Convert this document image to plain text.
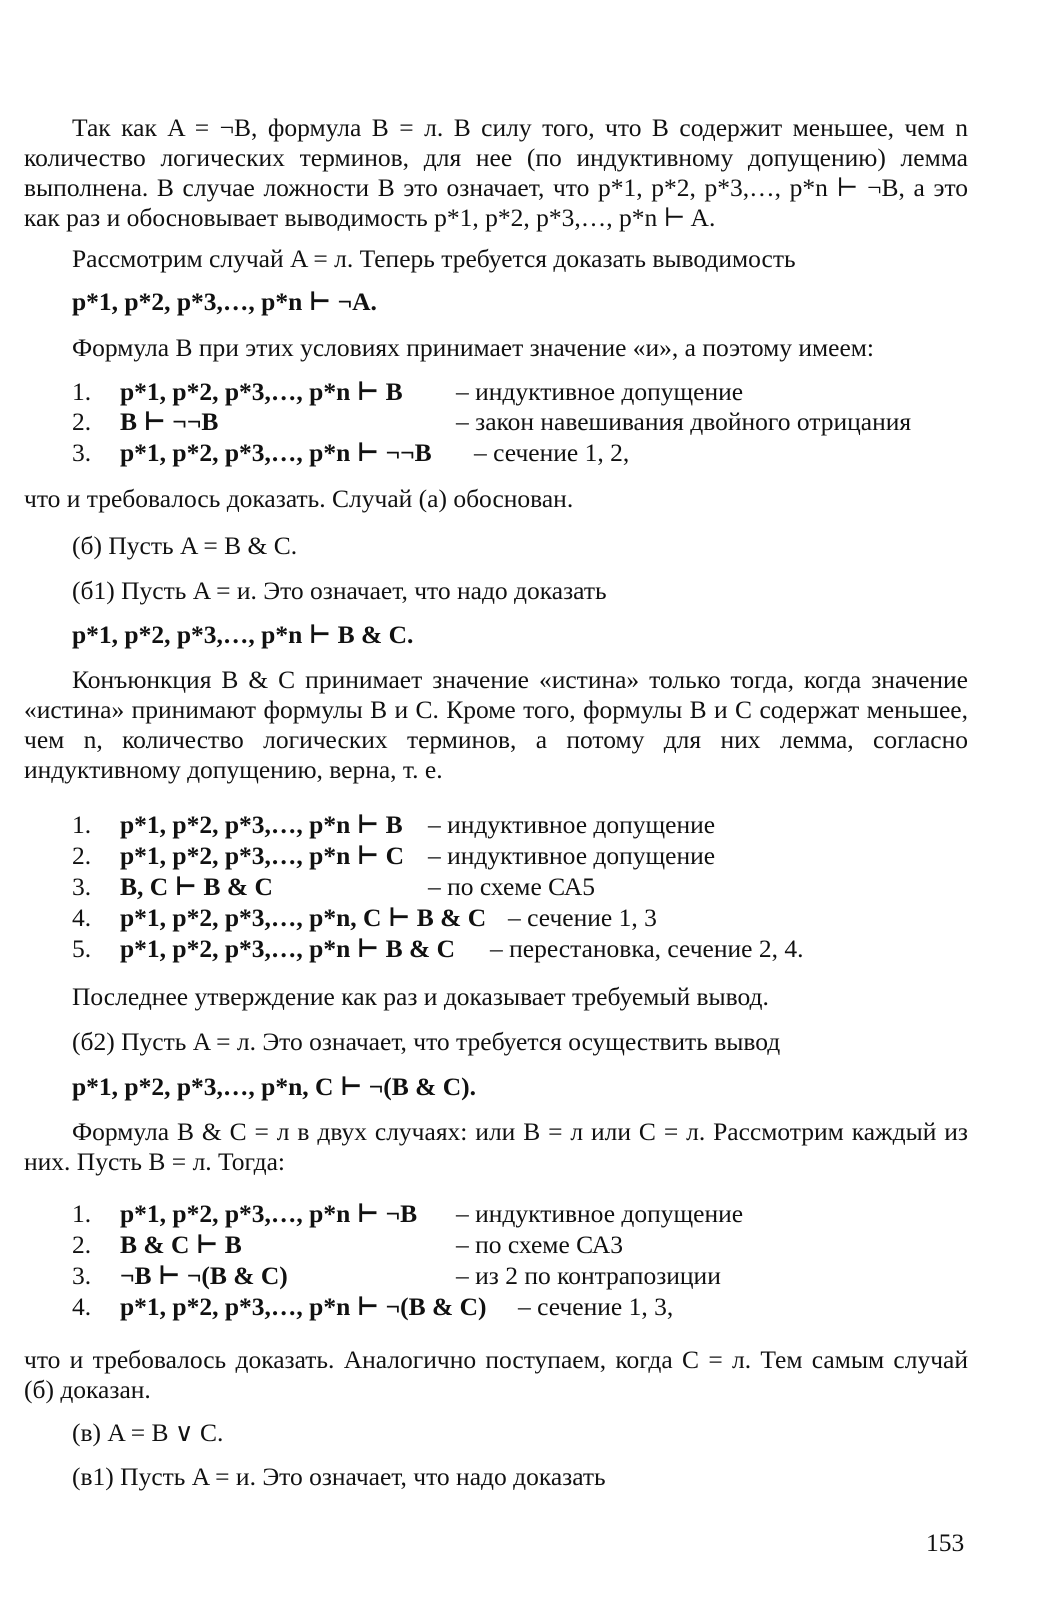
Так как A = ¬B, формула B = л. В силу того, что B содержит меньшее, чем n количество логических терминов, для нее (по индуктивному допущению) лемма выполнена. В случае ложности B это означает, что p*1, p*2, p*3,…, p*n ⊢ ¬B, а это как раз и обосновывает выводимость p*1, p*2, p*3,…, p*n ⊢ A.
Рассмотрим случай A = л. Теперь требуется доказать выводимость
p*1, p*2, p*3,…, p*n ⊢ ¬A.
Формула B при этих условиях принимает значение «и», а поэтому имеем:
1. p*1, p*2, p*3,…, p*n ⊢ B – индуктивное допущение
2. B ⊢ ¬¬B	– закон навешивания двойного отрицания
3. p*1, p*2, p*3,…, p*n ⊢ ¬¬B – сечение 1, 2,
что и требовалось доказать. Случай (а) обоснован.
(б) Пусть A = B & C.
(б1) Пусть A = и. Это означает, что надо доказать
p*1, p*2, p*3,…, p*n ⊢ B & C.
Конъюнкция B & C принимает значение «истина» только тогда, когда значение «истина» принимают формулы B и C. Кроме того, формулы B и C содержат меньшее, чем n, количество логических терминов, а потому для них лемма, согласно индуктивному допущению, верна, т. е.
1. p*1, p*2, p*3,…, p*n ⊢ B – индуктивное допущение
2. p*1, p*2, p*3,…, p*n ⊢ C – индуктивное допущение
3. B, C ⊢ B & C	– по схеме СА5
4. p*1, p*2, p*3,…, p*n, C ⊢ B & C – сечение 1, 3
5. p*1, p*2, p*3,…, p*n ⊢ B & C – перестановка, сечение 2, 4.
Последнее утверждение как раз и доказывает требуемый вывод.
(б2) Пусть A = л. Это означает, что требуется осуществить вывод
p*1, p*2, p*3,…, p*n, C ⊢ ¬(B & C).
Формула B & C = л в двух случаях: или B = л или C = л. Рассмотрим каждый из них. Пусть B = л. Тогда:
1. p*1, p*2, p*3,…, p*n ⊢ ¬B – индуктивное допущение
2. B & C ⊢ B	– по схеме СА3
3. ¬B ⊢ ¬(B & C)	– из 2 по контрапозиции
4. p*1, p*2, p*3,…, p*n ⊢ ¬(B & C) – сечение 1, 3,
что и требовалось доказать. Аналогично поступаем, когда C = л. Тем самым случай (б) доказан.
(в) A = B ∨ C.
(в1) Пусть A = и. Это означает, что надо доказать
153
